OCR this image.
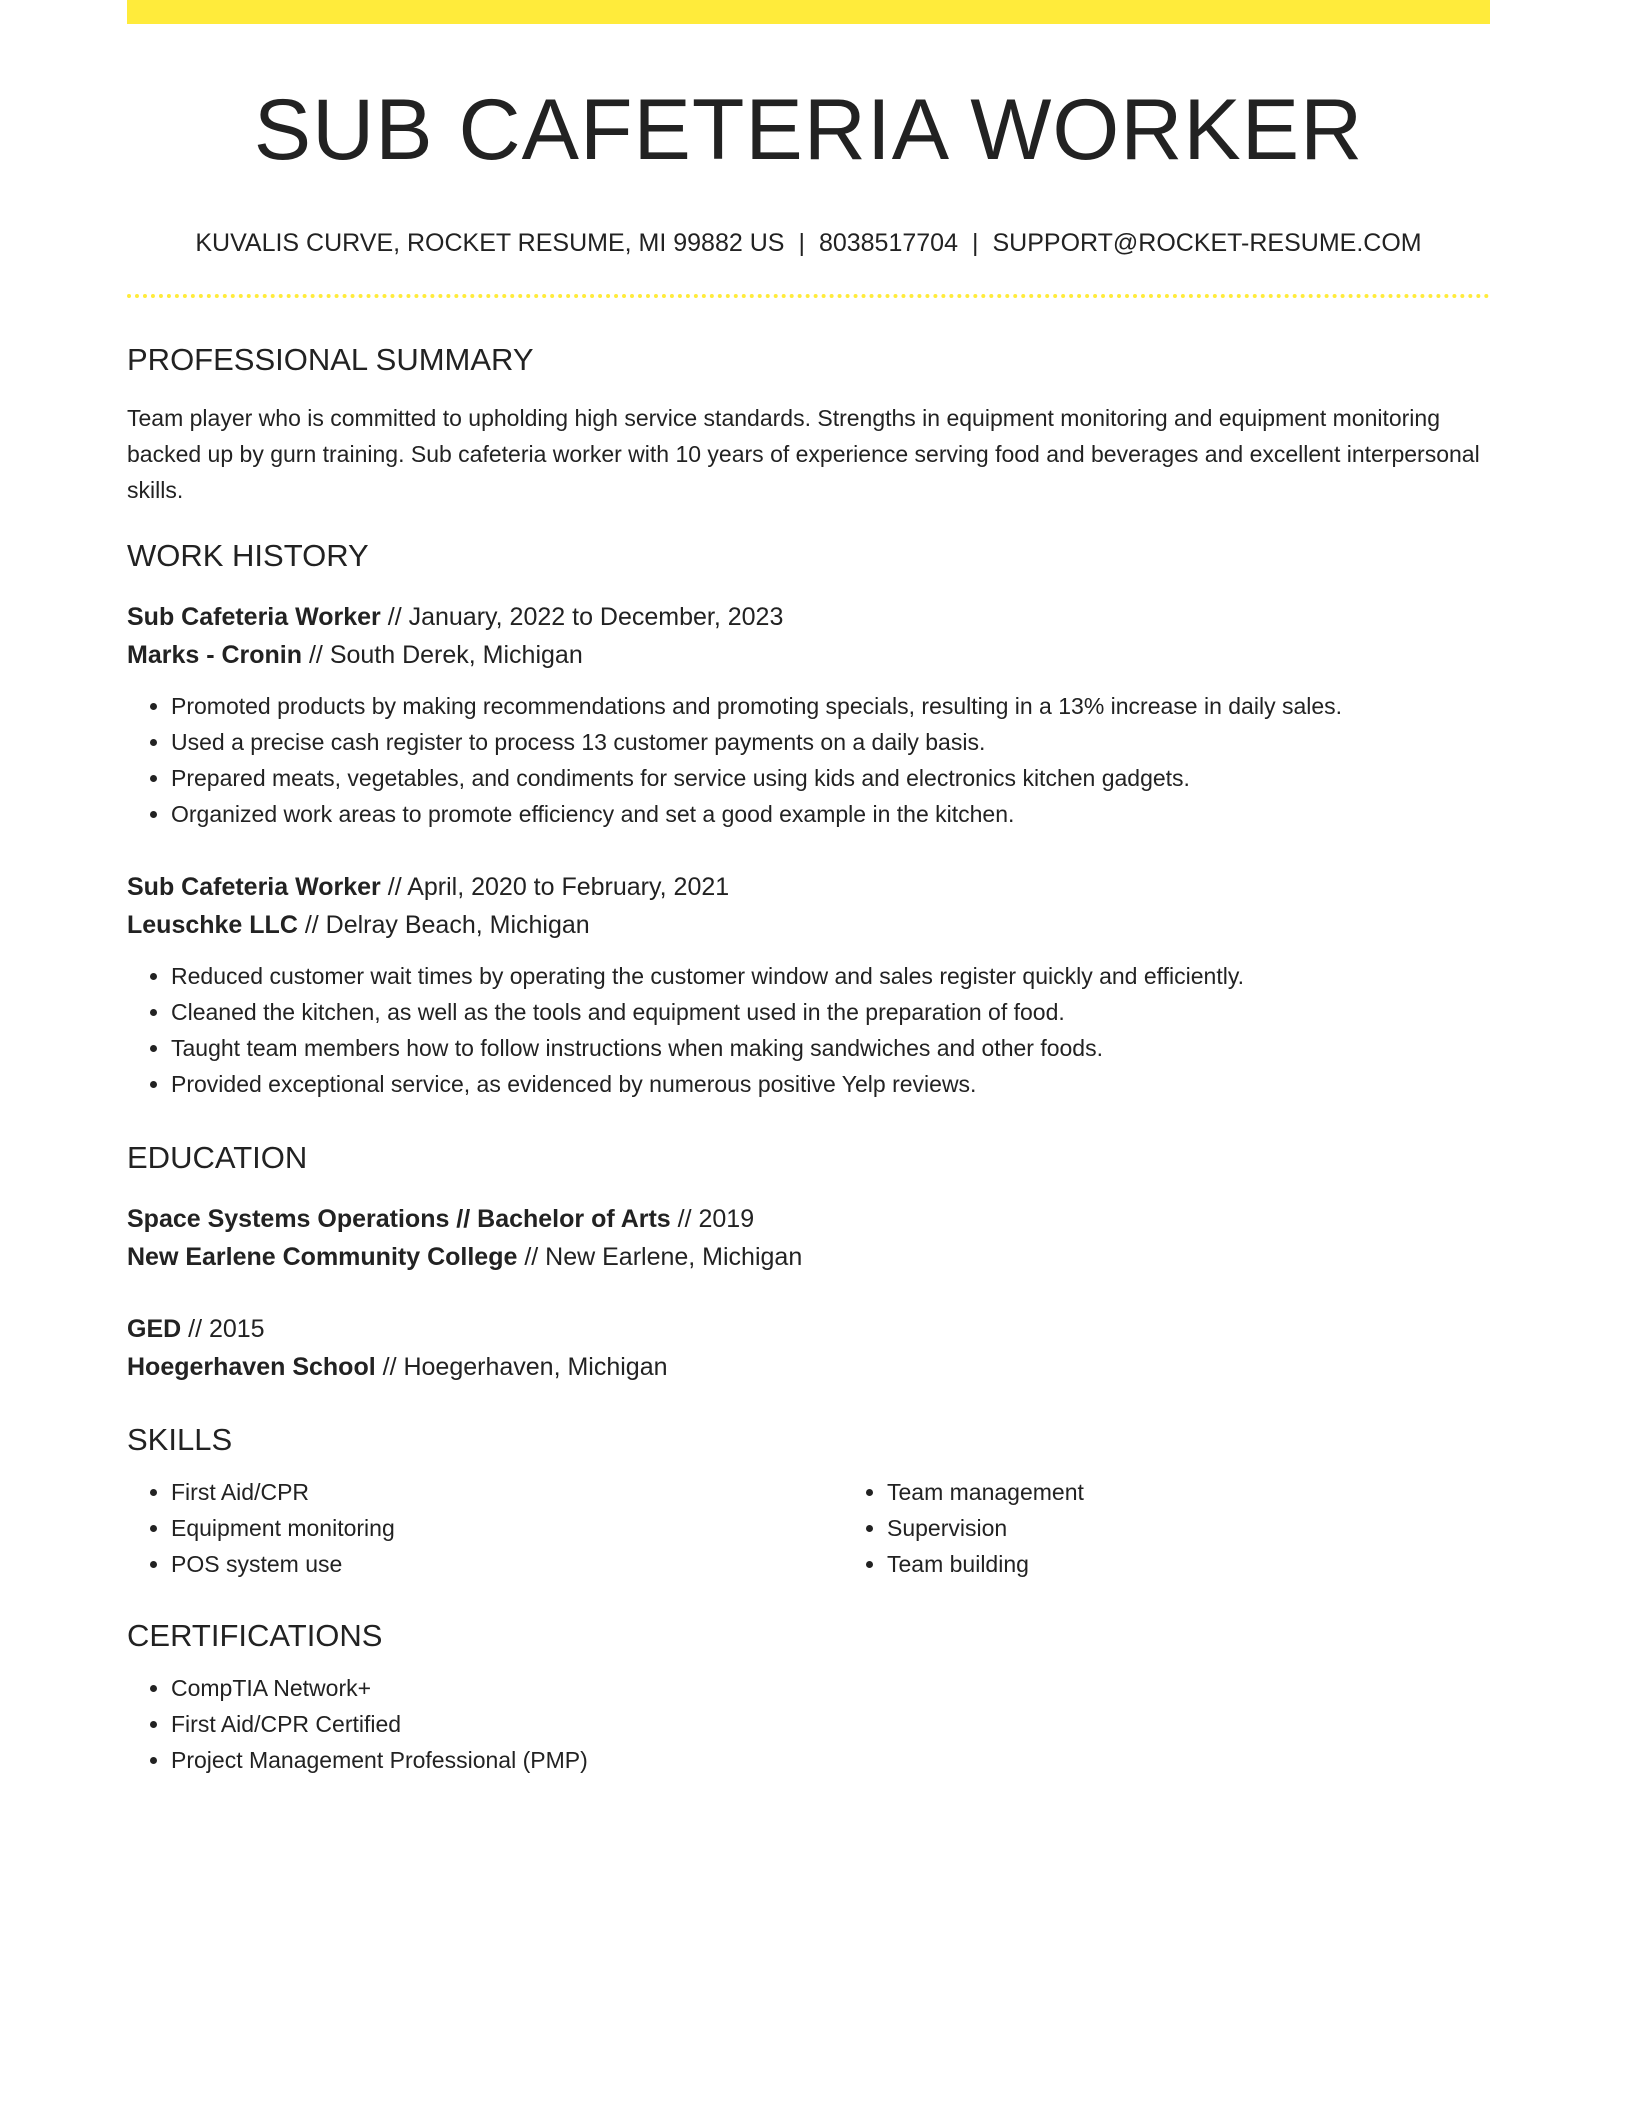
SUB CAFETERIA WORKER
KUVALIS CURVE, ROCKET RESUME, MI 99882 US | 8038517704 | SUPPORT@ROCKET-RESUME.COM
PROFESSIONAL SUMMARY
Team player who is committed to upholding high service standards. Strengths in equipment monitoring and equipment monitoring backed up by gurn training. Sub cafeteria worker with 10 years of experience serving food and beverages and excellent interpersonal skills.
WORK HISTORY
Sub Cafeteria Worker // January, 2022 to December, 2023
Marks - Cronin // South Derek, Michigan
• Promoted products by making recommendations and promoting specials, resulting in a 13% increase in daily sales.
• Used a precise cash register to process 13 customer payments on a daily basis.
• Prepared meats, vegetables, and condiments for service using kids and electronics kitchen gadgets.
• Organized work areas to promote efficiency and set a good example in the kitchen.
Sub Cafeteria Worker // April, 2020 to February, 2021
Leuschke LLC // Delray Beach, Michigan
• Reduced customer wait times by operating the customer window and sales register quickly and efficiently.
• Cleaned the kitchen, as well as the tools and equipment used in the preparation of food.
• Taught team members how to follow instructions when making sandwiches and other foods.
• Provided exceptional service, as evidenced by numerous positive Yelp reviews.
EDUCATION
Space Systems Operations // Bachelor of Arts // 2019
New Earlene Community College // New Earlene, Michigan
GED // 2015
Hoegerhaven School // Hoegerhaven, Michigan
SKILLS
• First Aid/CPR
• Equipment monitoring
• POS system use
• Team management
• Supervision
• Team building
CERTIFICATIONS
• CompTIA Network+
• First Aid/CPR Certified
• Project Management Professional (PMP)
